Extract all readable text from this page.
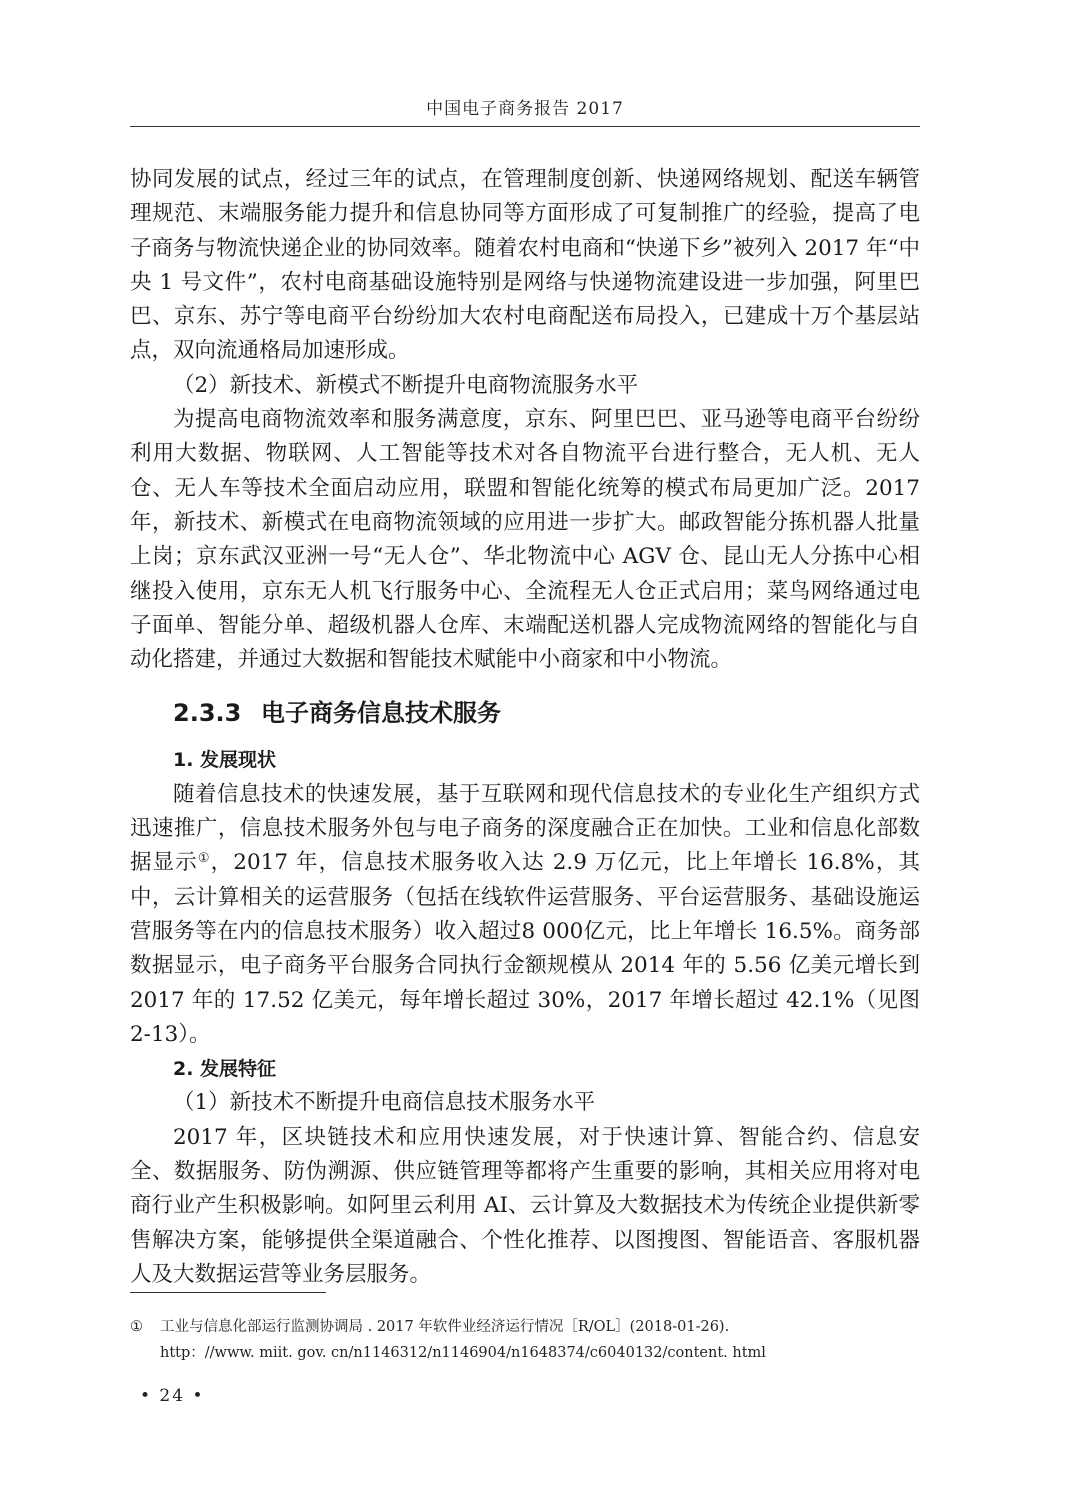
中国电子商务报告 2017

协同发展的试点，经过三年的试点，在管理制度创新、快递网络规划、配送车辆管理规范、末端服务能力提升和信息协同等方面形成了可复制推广的经验，提高了电子商务与物流快递企业的协同效率。随着农村电商和“快递下乡”被列入 2017 年“中央 1 号文件”，农村电商基础设施特别是网络与快递物流建设进一步加强，阿里巴巴、京东、苏宁等电商平台纷纷加大农村电商配送布局投入，已建成十万个基层站点，双向流通格局加速形成。

（2）新技术、新模式不断提升电商物流服务水平

为提高电商物流效率和服务满意度，京东、阿里巴巴、亚马逊等电商平台纷纷利用大数据、物联网、人工智能等技术对各自物流平台进行整合，无人机、无人仓、无人车等技术全面启动应用，联盟和智能化统筹的模式布局更加广泛。2017 年，新技术、新模式在电商物流领域的应用进一步扩大。邮政智能分拣机器人批量上岗；京东武汉亚洲一号“无人仓”、华北物流中心 AGV 仓、昆山无人分拣中心相继投入使用，京东无人机飞行服务中心、全流程无人仓正式启用；菜鸟网络通过电子面单、智能分单、超级机器人仓库、末端配送机器人完成物流网络的智能化与自动化搭建，并通过大数据和智能技术赋能中小商家和中小物流。

2.3.3 电子商务信息技术服务

1. 发展现状

随着信息技术的快速发展，基于互联网和现代信息技术的专业化生产组织方式迅速推广，信息技术服务外包与电子商务的深度融合正在加快。工业和信息化部数据显示①，2017 年，信息技术服务收入达 2.9 万亿元，比上年增长 16.8%，其中，云计算相关的运营服务（包括在线软件运营服务、平台运营服务、基础设施运营服务等在内的信息技术服务）收入超过8 000亿元，比上年增长 16.5%。商务部数据显示，电子商务平台服务合同执行金额规模从 2014 年的 5.56 亿美元增长到 2017 年的 17.52 亿美元，每年增长超过 30%，2017 年增长超过 42.1%（见图 2-13）。

2. 发展特征

（1）新技术不断提升电商信息技术服务水平

2017 年，区块链技术和应用快速发展，对于快速计算、智能合约、信息安全、数据服务、防伪溯源、供应链管理等都将产生重要的影响，其相关应用将对电商行业产生积极影响。如阿里云利用 AI、云计算及大数据技术为传统企业提供新零售解决方案，能够提供全渠道融合、个性化推荐、以图搜图、智能语音、客服机器人及大数据运营等业务层服务。

① 工业与信息化部运行监测协调局 . 2017 年软件业经济运行情况［R/OL］(2018-01-26).
http：//www. miit. gov. cn/n1146312/n1146904/n1648374/c6040132/content. html
• 24 •
